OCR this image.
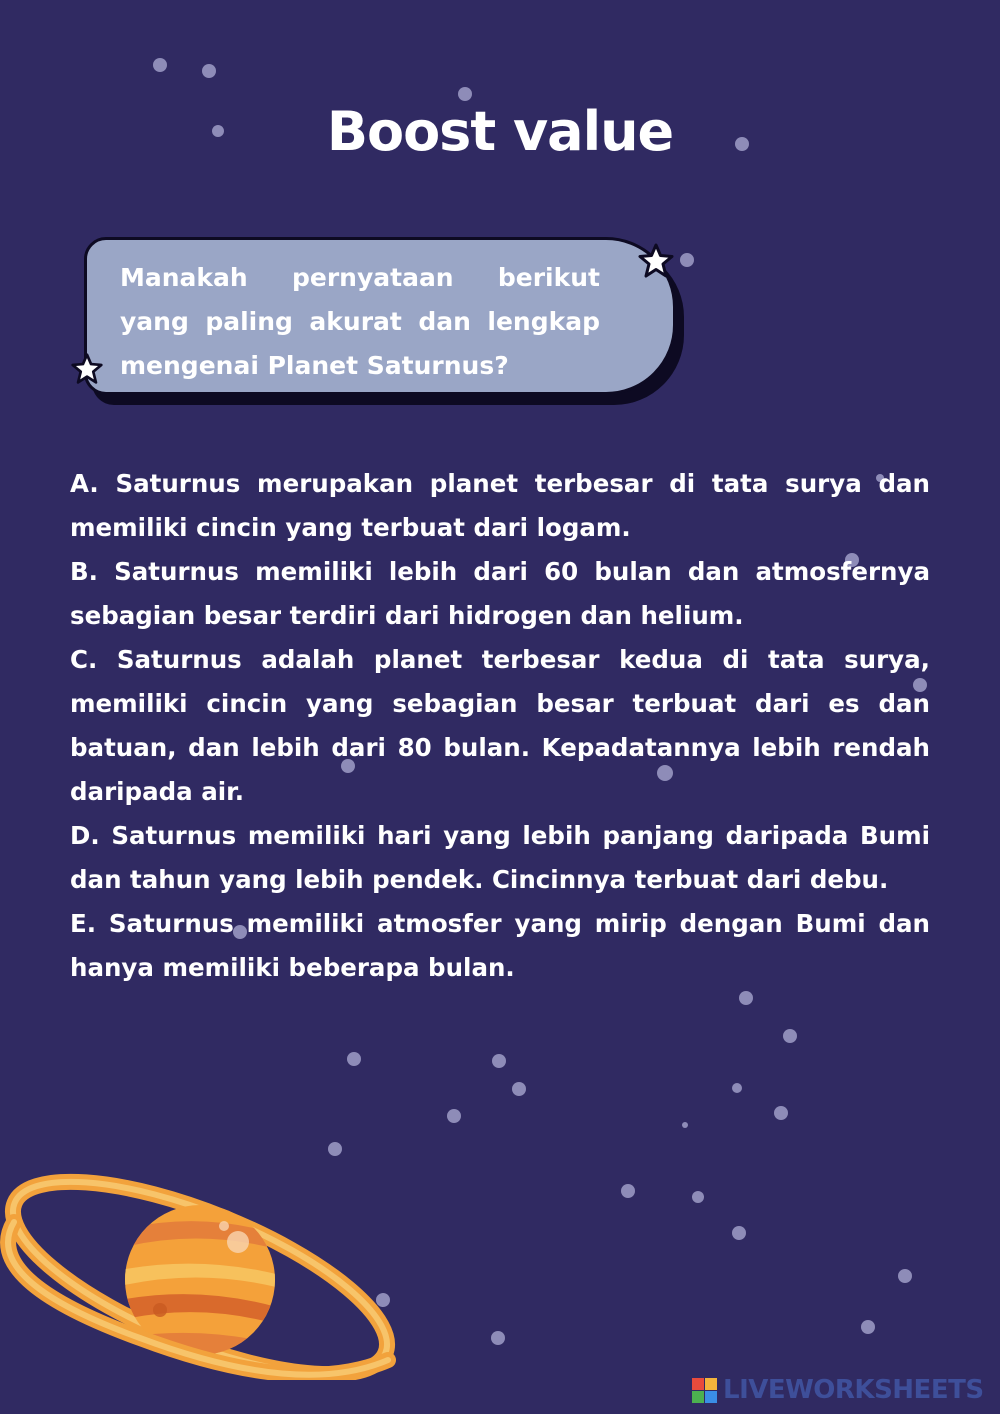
Boost value

Manakah pernyataan berikut yang paling akurat dan lengkap mengenai Planet Saturnus?

A. Saturnus merupakan planet terbesar di tata surya dan memiliki cincin yang terbuat dari logam.
B. Saturnus memiliki lebih dari 60 bulan dan atmosfernya sebagian besar terdiri dari hidrogen dan helium.
C. Saturnus adalah planet terbesar kedua di tata surya, memiliki cincin yang sebagian besar terbuat dari es dan batuan, dan lebih dari 80 bulan. Kepadatannya lebih rendah daripada air.
D. Saturnus memiliki hari yang lebih panjang daripada Bumi dan tahun yang lebih pendek. Cincinnya terbuat dari debu.
E. Saturnus memiliki atmosfer yang mirip dengan Bumi dan hanya memiliki beberapa bulan.
LIVEWORKSHEETS
